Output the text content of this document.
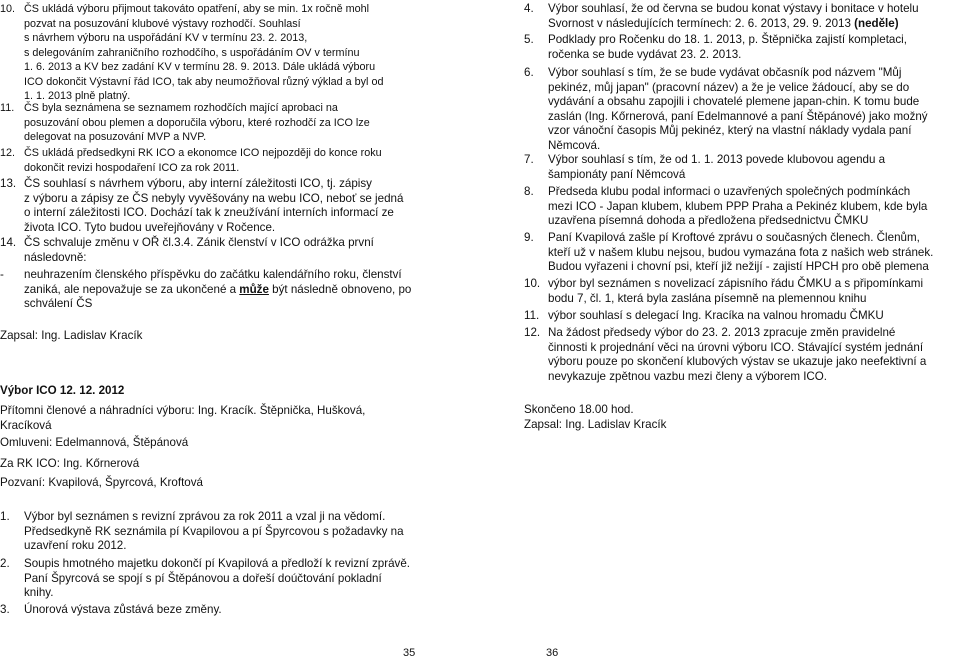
10. ČS ukládá výboru přijmout takováto opatření, aby se min. 1x ročně mohl
pozvat na posuzování klubové výstavy rozhodčí. Souhlasí
s návrhem výboru na uspořádání KV v termínu 23. 2. 2013,
s delegováním zahraničního rozhodčího, s uspořádáním OV v termínu
1. 6. 2013 a KV bez zadání KV v termínu 28. 9. 2013. Dále ukládá výboru
ICO dokončit Výstavní řád ICO, tak aby neumožňoval různý výklad a byl od
1. 1. 2013 plně platný.
11. ČS byla seznámena se seznamem rozhodčích mající aprobaci na
posuzování obou plemen a doporučila výboru, které rozhodčí za ICO lze
delegovat na posuzování MVP a NVP.
12. ČS ukládá předsedkyni RK ICO a ekonomce ICO nejpozději do konce roku
dokončit revizi hospodaření ICO za rok 2011.
13. ČS souhlasí s návrhem výboru, aby interní záležitosti ICO, tj. zápisy
z výboru a zápisy ze ČS nebyly vyvěšovány na webu ICO, neboť se jedná
o interní záležitosti ICO. Dochází tak k zneužívání interních informací ze
života ICO. Tyto budou uveřejňovány v Ročence.
14. ČS schvaluje změnu v OŘ čl.3.4. Zánik členství v ICO odrážka první
následovně:
-	neuhrazením členského příspěvku do začátku kalendářního roku, členství
zaniká, ale nepovažuje se za ukončené a může být následně obnoveno, po
schválení ČS
Zapsal: Ing. Ladislav Kracík
Výbor ICO 12. 12. 2012
Přítomni členové a náhradníci výboru: Ing. Kracík. Štěpnička, Hušková,
Kracíková
Omluveni: Edelmannová, Štěpánová
Za RK ICO: Ing. Kőrnerová
Pozvaní: Kvapilová, Špyrcová, Kroftová
1.	Výbor byl seznámen s revizní zprávou za rok 2011 a vzal ji na vědomí.
Předsedkyně RK seznámila pí Kvapilovou a pí Špyrcovou s požadavky na
uzavření roku 2012.
2.	Soupis hmotného majetku dokončí pí Kvapilová a předloží k revizní zprávě.
Paní Špyrcová se spojí s pí Štěpánovou a dořeší doúčtování pokladní
knihy.
3.	Únorová výstava zůstává beze změny.
35
4.	Výbor souhlasí, že od června se budou konat výstavy i bonitace v hotelu
Svornost v následujících termínech: 2. 6. 2013, 29. 9. 2013 (neděle)
5.	Podklady pro Ročenku do 18. 1. 2013, p. Štěpnička zajistí kompletaci,
ročenka se bude vydávat 23. 2. 2013.
6.	Výbor souhlasí s tím, že se bude vydávat občasník pod názvem "Můj
pekinéz, můj japan" (pracovní název) a že je velice žádoucí, aby se do
vydávání a obsahu zapojili i chovatelé plemene japan-chin. K tomu bude
zaslán (Ing. Kőrnerová, paní Edelmannové a paní Štěpánové) jako možný
vzor vánoční časopis Můj pekinéz, který na vlastní náklady vydala paní
Němcová.
7.	Výbor souhlasí s tím, že od 1. 1. 2013 povede klubovou agendu a
šampionáty paní Němcová
8.	Předseda klubu podal informaci o uzavřených společných podmínkách
mezi ICO - Japan klubem, klubem PPP Praha a Pekinéz klubem, kde byla
uzavřena písemná dohoda a předložena předsednictvu ČMKU
9.	Paní Kvapilová zašle pí Kroftové zprávu o současných členech. Členům,
kteří už v našem klubu nejsou, budou vymazána fota z našich web stránek.
Budou vyřazeni i chovní psi, kteří již nežijí - zajistí HPCH pro obě plemena
10. výbor byl seznámen s novelizací zápisního řádu ČMKU a s připomínkami
bodu 7, čl. 1, která byla zaslána písemně na plemennou knihu
11. výbor souhlasí s delegací Ing. Kracíka na valnou hromadu ČMKU
12. Na žádost předsedy výbor do 23. 2. 2013 zpracuje změn pravidelné
činnosti k projednání věci na úrovni výboru ICO. Stávající systém jednání
výboru pouze po skončení klubových výstav se ukazuje jako neefektivní a
nevykazuje zpětnou vazbu mezi členy a výborem ICO.
Skončeno 18.00 hod.
Zapsal: Ing. Ladislav Kracík
36
